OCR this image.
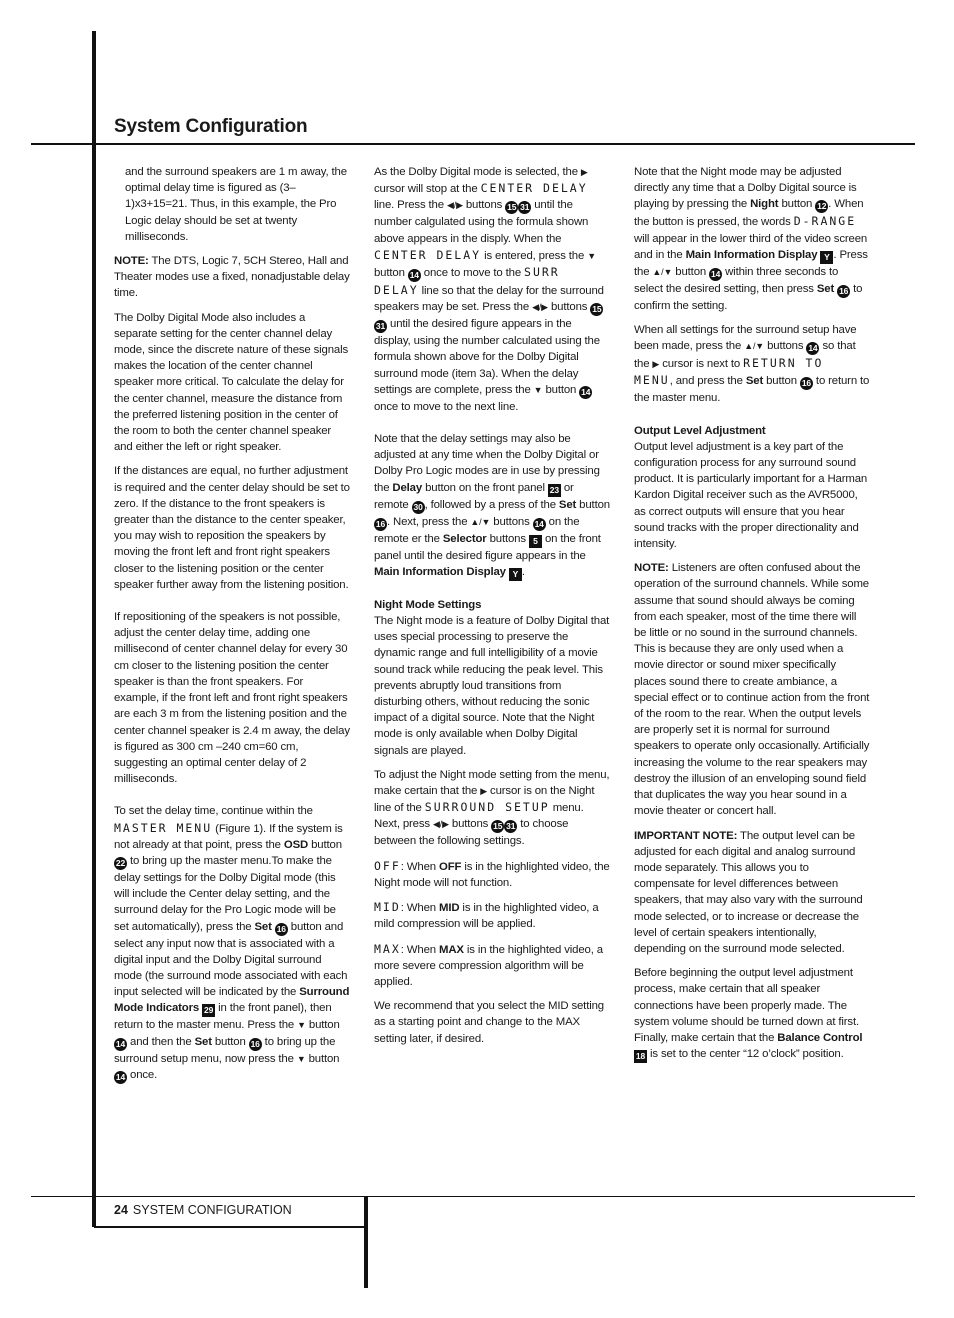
System Configuration

and the surround speakers are 1 m away, the optimal delay time is figured as (3–1)x3+15=21. Thus, in this example, the Pro Logic delay should be set at twenty milliseconds.

NOTE: The DTS, Logic 7, 5CH Stereo, Hall and Theater modes use a fixed, nonadjustable delay time.

The Dolby Digital Mode also includes a separate setting for the center channel delay mode, since the discrete nature of these signals makes the location of the center channel speaker more critical. To calculate the delay for the center channel, measure the distance from the preferred listening position in the center of the room to both the center channel speaker and either the left or right speaker.

If the distances are equal, no further adjustment is required and the center delay should be set to zero. If the distance to the front speakers is greater than the distance to the center speaker, you may wish to reposition the speakers by moving the front left and front right speakers closer to the listening position or the center speaker further away from the listening position.

If repositioning of the speakers is not possible, adjust the center delay time, adding one millisecond of center channel delay for every 30 cm closer to the listening position the center speaker is than the front speakers. For example, if the front left and front right speakers are each 3 m from the listening position and the center channel speaker is 2.4 m away, the delay is figured as 300 cm –240 cm=60 cm, suggesting an optimal center delay of 2 milliseconds.

To set the delay time, continue within the MASTER MENU (Figure 1). If the system is not already at that point, press the OSD button 22 to bring up the master menu.To make the delay settings for the Dolby Digital mode (this will include the Center delay setting, and the surround delay for the Pro Logic mode will be set automatically), press the Set 16 button and select any input now that is associated with a digital input and the Dolby Digital surround mode (the surround mode associated with each input selected will be indicated by the Surround Mode Indicators 29 in the front panel), then return to the master menu. Press the ▼ button 14 and then the Set button 16 to bring up the surround setup menu, now press the ▼ button 14 once.

As the Dolby Digital mode is selected, the ▶ cursor will stop at the CENTER DELAY line. Press the ◀/▶ buttons 15 31 until the number calgulated using the formula shown above appears in the disply. When the CENTER DELAY is entered, press the ▼ button 14 once to move to the SURR DELAY line so that the delay for the surround speakers may be set. Press the ◀/▶ buttons 1531 until the desired figure appears in the display, using the number calculated using the formula shown above for the Dolby Digital surround mode (item 3a). When the delay settings are complete, press the ▼ button 14 once to move to the next line.

Note that the delay settings may also be adjusted at any time when the Dolby Digital or Dolby Pro Logic modes are in use by pressing the Delay button on the front panel 23 or remote 30 , followed by a press of the Set button 16 . Next, press the ▲/▼ buttons 14 on the remote er the Selector buttons 5 on the front panel until the desired figure appears in the Main Information Display Y .

Night Mode Settings

The Night mode is a feature of Dolby Digital that uses special processing to preserve the dynamic range and full intelligibility of a movie sound track while reducing the peak level. This prevents abruptly loud transitions from disturbing others, without reducing the sonic impact of a digital source. Note that the Night mode is only available when Dolby Digital signals are played.

To adjust the Night mode setting from the menu, make certain that the ▶ cursor is on the Night line of the SURROUND SETUP menu. Next, press ◀/▶ buttons 15 31 to choose between the following settings.

OFF: When OFF is in the highlighted video, the Night mode will not function.

MID: When MID is in the highlighted video, a mild compression will be applied.

MAX: When MAX is in the highlighted video, a more severe compression algorithm will be applied.

We recommend that you select the MID setting as a starting point and change to the MAX setting later, if desired.

Note that the Night mode may be adjusted directly any time that a Dolby Digital source is playing by pressing the Night button 12 . When the button is pressed, the words D-RANGE will appear in the lower third of the video screen and in the Main Information Display Y . Press the ▲/▼ button 14 within three seconds to select the desired setting, then press Set 16 to confirm the setting.

When all settings for the surround setup have been made, press the ▲/▼ buttons 14 so that the ▶ cursor is next to RETURN TO MENU, and press the Set button 16 to return to the master menu.

Output Level Adjustment

Output level adjustment is a key part of the configuration process for any surround sound product. It is particularly important for a Harman Kardon Digital receiver such as the AVR5000, as correct outputs will ensure that you hear sound tracks with the proper directionality and intensity.

NOTE: Listeners are often confused about the operation of the surround channels. While some assume that sound should always be coming from each speaker, most of the time there will be little or no sound in the surround channels. This is because they are only used when a movie director or sound mixer specifically places sound there to create ambiance, a special effect or to continue action from the front of the room to the rear. When the output levels are properly set it is normal for surround speakers to operate only occasionally. Artificially increasing the volume to the rear speakers may destroy the illusion of an enveloping sound field that duplicates the way you hear sound in a movie theater or concert hall.

IMPORTANT NOTE: The output level can be adjusted for each digital and analog surround mode separately. This allows you to compensate for level differences between speakers, that may also vary with the surround mode selected, or to increase or decrease the level of certain speakers intentionally, depending on the surround mode selected.

Before beginning the output level adjustment process, make certain that all speaker connections have been properly made. The system volume should be turned down at first. Finally, make certain that the Balance Control 18 is set to the center “12 o’clock” position.

24 SYSTEM CONFIGURATION
